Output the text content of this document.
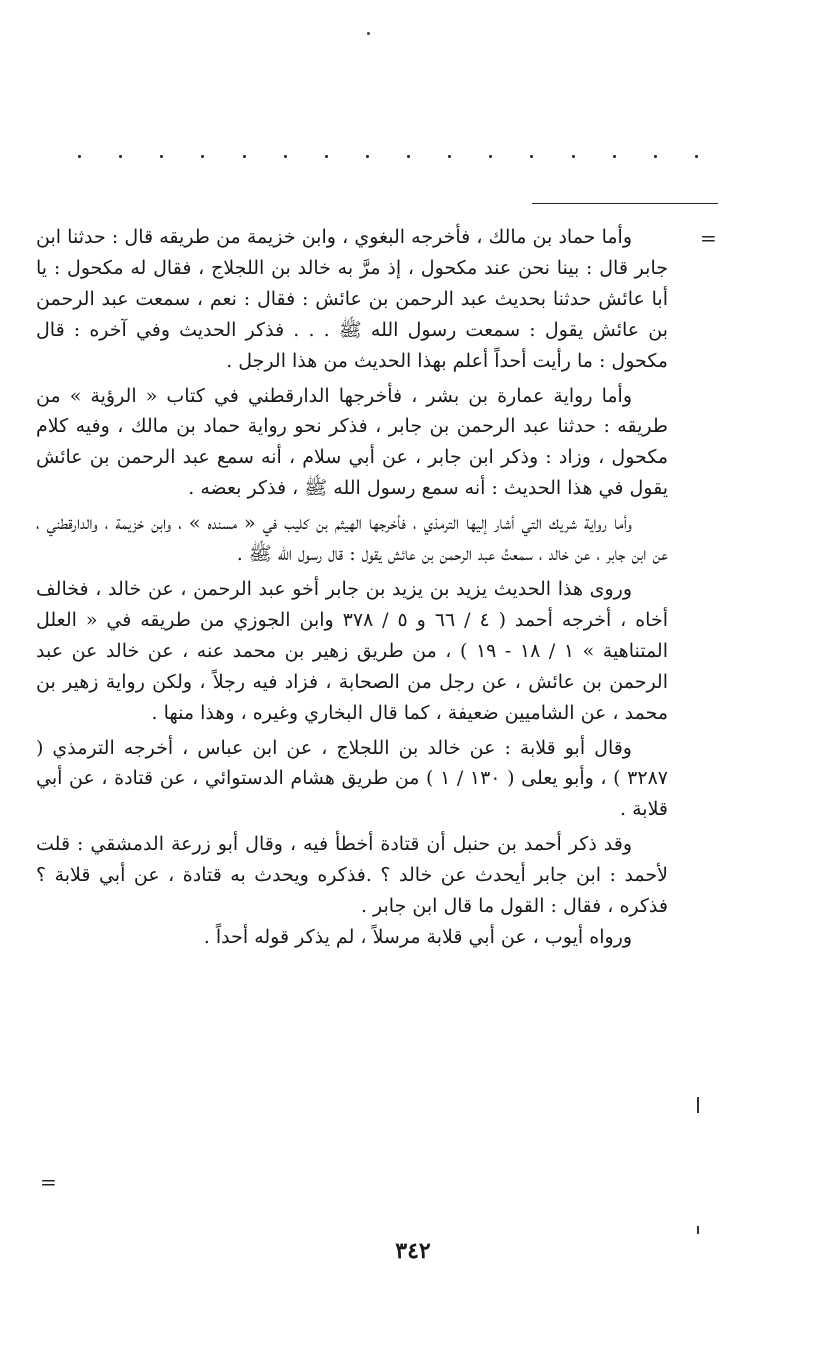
=
=

وأما حماد بن مالك ، فأخرجه البغوي ، وابن خزيمة من طريقه قال : حدثنا ابن جابر قال : بينا نحن عند مكحول ، إذ مرَّ به خالد بن اللجلاج ، فقال له مكحول : يا أبا عائش حدثنا بحديث عبد الرحمن بن عائش : فقال : نعم ، سمعت عبد الرحمن بن عائش يقول : سمعت رسول الله ﷺ . . . فذكر الحديث وفي آخره : قال مكحول : ما رأيت أحداً أعلم بهذا الحديث من هذا الرجل .

وأما رواية عمارة بن بشر ، فأخرجها الدارقطني في كتاب « الرؤية » من طريقه : حدثنا عبد الرحمن بن جابر ، فذكر نحو رواية حماد بن مالك ، وفيه كلام مكحول ، وزاد : وذكر ابن جابر ، عن أبي سلام ، أنه سمع عبد الرحمن بن عائش يقول في هذا الحديث : أنه سمع رسول الله ﷺ ، فذكر بعضه .

وأما رواية شريك التي أشار إليها الترمذي ، فأخرجها الهيثم بن كليب في « مسنده » ، وابن خزيمة ، والدارقطني ، عن ابن جابر ، عن خالد ، سمعتُ عبد الرحمن بن عائش يقول : قال رسول الله ﷺ .

وروى هذا الحديث يزيد بن يزيد بن جابر أخو عبد الرحمن ، عن خالد ، فخالف أخاه ، أخرجه أحمد ( ٤ / ٦٦ و ٥ / ٣٧٨ وابن الجوزي من طريقه في « العلل المتناهية » ١ / ١٨ - ١٩ ) ، من طريق زهير بن محمد عنه ، عن خالد عن عبد الرحمن بن عائش ، عن رجل من الصحابة ، فزاد فيه رجلاً ، ولكن رواية زهير بن محمد ، عن الشاميين ضعيفة ، كما قال البخاري وغيره ، وهذا منها .

وقال أبو قلابة : عن خالد بن اللجلاج ، عن ابن عباس ، أخرجه الترمذي ( ٣٢٨٧ ) ، وأبو يعلى ( ١٣٠ / ١ ) من طريق هشام الدستوائي ، عن قتادة ، عن أبي قلابة .

وقد ذكر أحمد بن حنبل أن قتادة أخطأ فيه ، وقال أبو زرعة الدمشقي : قلت لأحمد : ابن جابر أيحدث عن خالد ؟ .فذكره ويحدث به قتادة ، عن أبي قلابة ؟ فذكره ، فقال : القول ما قال ابن جابر .

ورواه أيوب ، عن أبي قلابة مرسلاً ، لم يذكر قوله أحداً .

٣٤٢
